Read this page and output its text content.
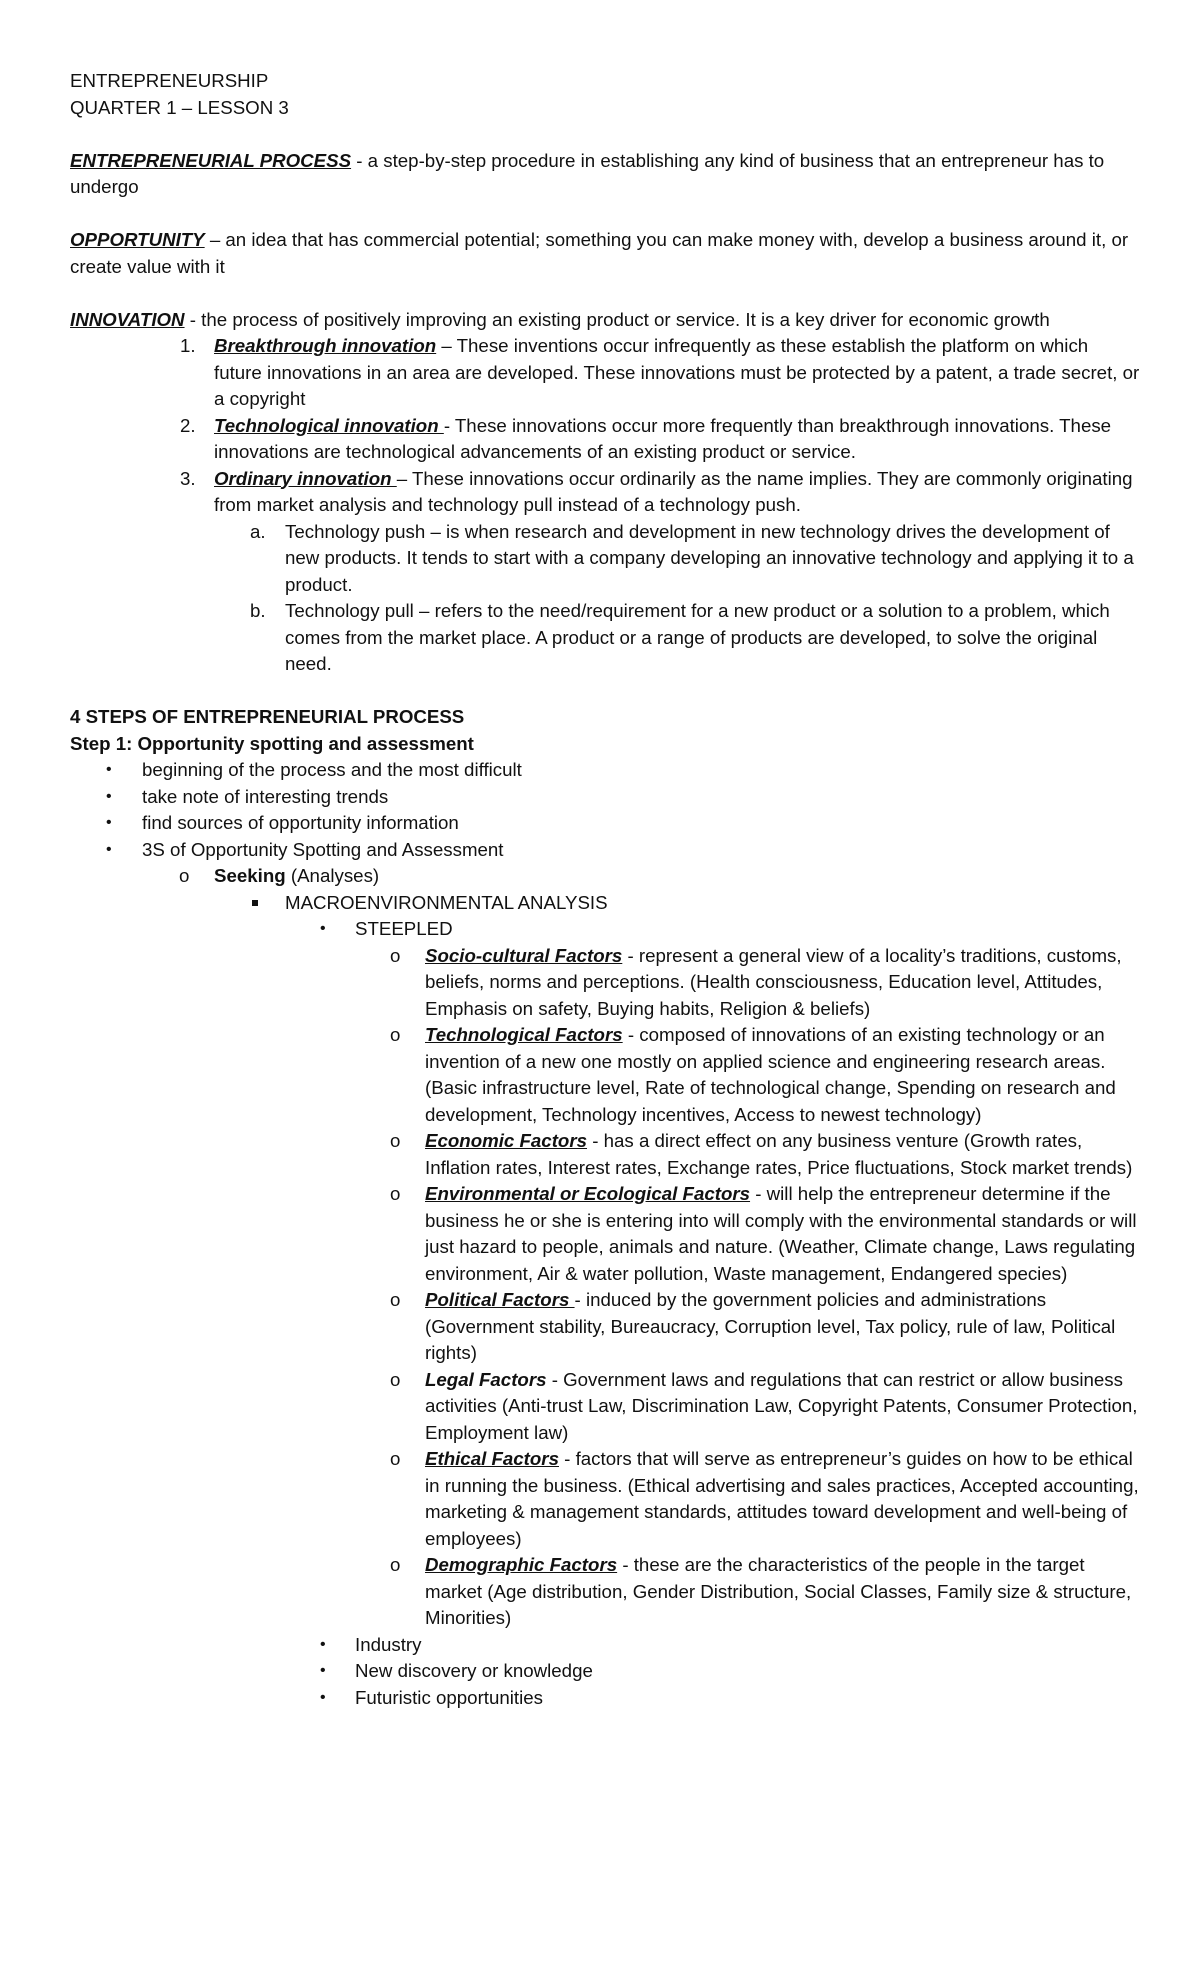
ENTREPRENEURSHIP

QUARTER 1 – LESSON 3

ENTREPRENEURIAL PROCESS - a step-by-step procedure in establishing any kind of business that an entrepreneur has to undergo

OPPORTUNITY – an idea that has commercial potential; something you can make money with, develop a business around it, or create value with it

INNOVATION - the process of positively improving an existing product or service. It is a key driver for economic growth

1. Breakthrough innovation – These inventions occur infrequently as these establish the platform on which future innovations in an area are developed. These innovations must be protected by a patent, a trade secret, or a copyright
2. Technological innovation - These innovations occur more frequently than breakthrough innovations. These innovations are technological advancements of an existing product or service.
3. Ordinary innovation – These innovations occur ordinarily as the name implies. They are commonly originating from market analysis and technology pull instead of a technology push.
a. Technology push – is when research and development in new technology drives the development of new products. It tends to start with a company developing an innovative technology and applying it to a product.
b. Technology pull – refers to the need/requirement for a new product or a solution to a problem, which comes from the market place. A product or a range of products are developed, to solve the original need.

4 STEPS OF ENTREPRENEURIAL PROCESS

Step 1: Opportunity spotting and assessment

• beginning of the process and the most difficult
• take note of interesting trends
• find sources of opportunity information
• 3S of Opportunity Spotting and Assessment
o Seeking (Analyses)
MACROENVIRONMENTAL ANALYSIS
• STEEPLED
o Socio-cultural Factors - represent a general view of a locality’s traditions, customs, beliefs, norms and perceptions. (Health consciousness, Education level, Attitudes, Emphasis on safety, Buying habits, Religion & beliefs)
o Technological Factors - composed of innovations of an existing technology or an invention of a new one mostly on applied science and engineering research areas. (Basic infrastructure level, Rate of technological change, Spending on research and development, Technology incentives, Access to newest technology)
o Economic Factors - has a direct effect on any business venture (Growth rates, Inflation rates, Interest rates, Exchange rates, Price fluctuations, Stock market trends)
o Environmental or Ecological Factors - will help the entrepreneur determine if the business he or she is entering into will comply with the environmental standards or will just hazard to people, animals and nature. (Weather, Climate change, Laws regulating environment, Air & water pollution, Waste management, Endangered species)
o Political Factors - induced by the government policies and administrations (Government stability, Bureaucracy, Corruption level, Tax policy, rule of law, Political rights)
o Legal Factors - Government laws and regulations that can restrict or allow business activities (Anti-trust Law, Discrimination Law, Copyright Patents, Consumer Protection, Employment law)
o Ethical Factors - factors that will serve as entrepreneur’s guides on how to be ethical in running the business. (Ethical advertising and sales practices, Accepted accounting, marketing & management standards, attitudes toward development and well-being of employees)
o Demographic Factors - these are the characteristics of the people in the target market (Age distribution, Gender Distribution, Social Classes, Family size & structure, Minorities)
• Industry
• New discovery or knowledge
• Futuristic opportunities
